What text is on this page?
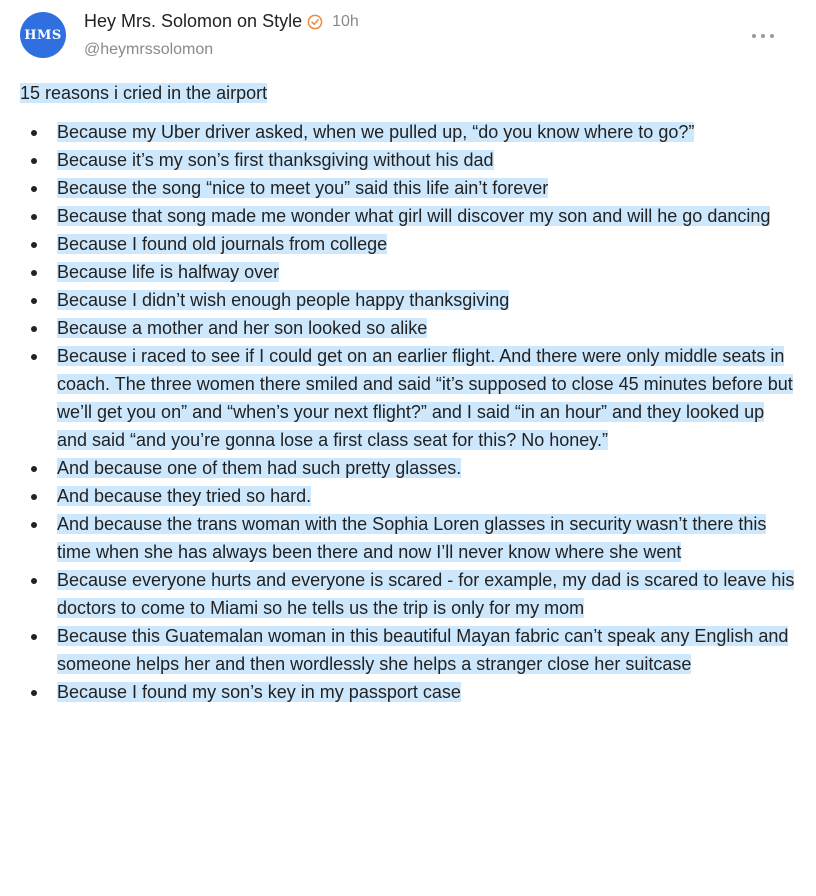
HMS
Hey Mrs. Solomon on Style 10h
@heymrssolomon

15 reasons i cried in the airport

Because my Uber driver asked, when we pulled up, “do you know where to go?”
Because it’s my son’s first thanksgiving without his dad
Because the song “nice to meet you” said this life ain’t forever
Because that song made me wonder what girl will discover my son and will he go dancing
Because I found old journals from college
Because life is halfway over
Because I didn’t wish enough people happy thanksgiving
Because a mother and her son looked so alike
Because i raced to see if I could get on an earlier flight. And there were only middle seats in coach. The three women there smiled and said “it’s supposed to close 45 minutes before but we’ll get you on” and “when’s your next flight?” and I said “in an hour” and they looked up and said “and you’re gonna lose a first class seat for this? No honey.”
And because one of them had such pretty glasses.
And because they tried so hard.
And because the trans woman with the Sophia Loren glasses in security wasn’t there this time when she has always been there and now I’ll never know where she went
Because everyone hurts and everyone is scared - for example, my dad is scared to leave his doctors to come to Miami so he tells us the trip is only for my mom
Because this Guatemalan woman in this beautiful Mayan fabric can’t speak any English and someone helps her and then wordlessly she helps a stranger close her suitcase
Because I found my son’s key in my passport case
